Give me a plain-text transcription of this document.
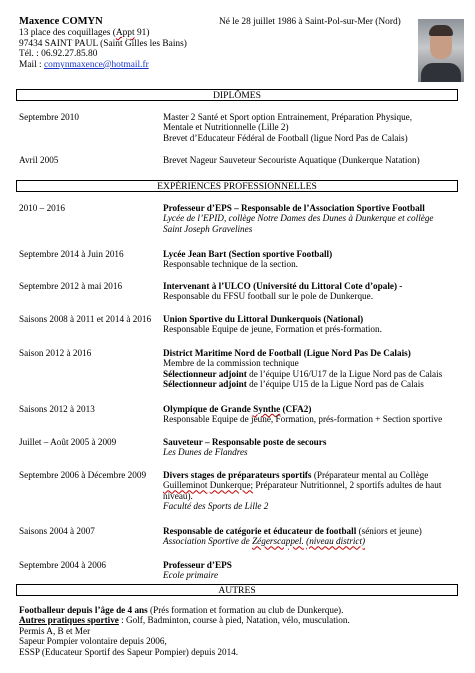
Maxence COMYN
13 place des coquillages (Appt 91)
97434 SAINT PAUL (Saint Gilles les Bains)
Tél. : 06.92.27.85.80
Mail : comynmaxence@hotmail.fr
Né le 28 juillet 1986 à Saint-Pol-sur-Mer (Nord)
DIPLÔMES
Septembre 2010	Master 2 Santé et Sport option Entrainement, Préparation Physique,
Mentale et Nutritionnelle (Lille 2)
Brevet d’Educateur Fédéral de Football (ligue Nord Pas de Calais)
Avril 2005	Brevet Nageur Sauveteur Secouriste Aquatique (Dunkerque Natation)
EXPÉRIENCES PROFESSIONNELLES
2010 – 2016	Professeur d’EPS – Responsable de l’Association Sportive Football
Lycée de l’EPID, collège Notre Dames des Dunes à Dunkerque et collège
Saint Joseph Gravelines
Septembre 2014 à Juin 2016	Lycée Jean Bart (Section sportive Football)
Responsable technique de la section.
Septembre 2012 à mai 2016	Intervenant à l’ULCO (Université du Littoral Cote d’opale) -
Responsable du FFSU football sur le pole de Dunkerque.
Saisons 2008 à 2011 et 2014 à 2016 Union Sportive du Littoral Dunkerquois (National)
Responsable Equipe de jeune, Formation et prés-formation.
Saison 2012 à 2016	District Maritime Nord de Football (Ligue Nord Pas De Calais)
Membre de la commission technique
Sélectionneur adjoint de l’équipe U16/U17 de la Ligue Nord pas de Calais
Sélectionneur adjoint de l’équipe U15 de la Ligue Nord pas de Calais
Saisons 2012 à 2013	Olympique de Grande Synthe (CFA2)
Responsable Equipe de jeune, Formation, prés-formation + Section sportive
Juillet – Août 2005 à 2009	Sauveteur – Responsable poste de secours
Les Dunes de Flandres
Septembre 2006 à Décembre 2009 Divers stages de préparateurs sportifs (Préparateur mental au Collège
Guilleminot Dunkerque; Préparateur Nutritionnel, 2 sportifs adultes de haut
niveau).
Faculté des Sports de Lille 2
Saisons 2004 à 2007	Responsable de catégorie et éducateur de football (séniors et jeune)
Association Sportive de Zégerscappel. (niveau district)
Septembre 2004 à 2006	Professeur d’EPS
Ecole primaire
AUTRES
Footballeur depuis l’âge de 4 ans (Prés formation et formation au club de Dunkerque).
Autres pratiques sportive : Golf, Badminton, course à pied, Natation, vélo, musculation.
Permis A, B et Mer
Sapeur Pompier volontaire depuis 2006,
ESSP (Educateur Sportif des Sapeur Pompier) depuis 2014.
